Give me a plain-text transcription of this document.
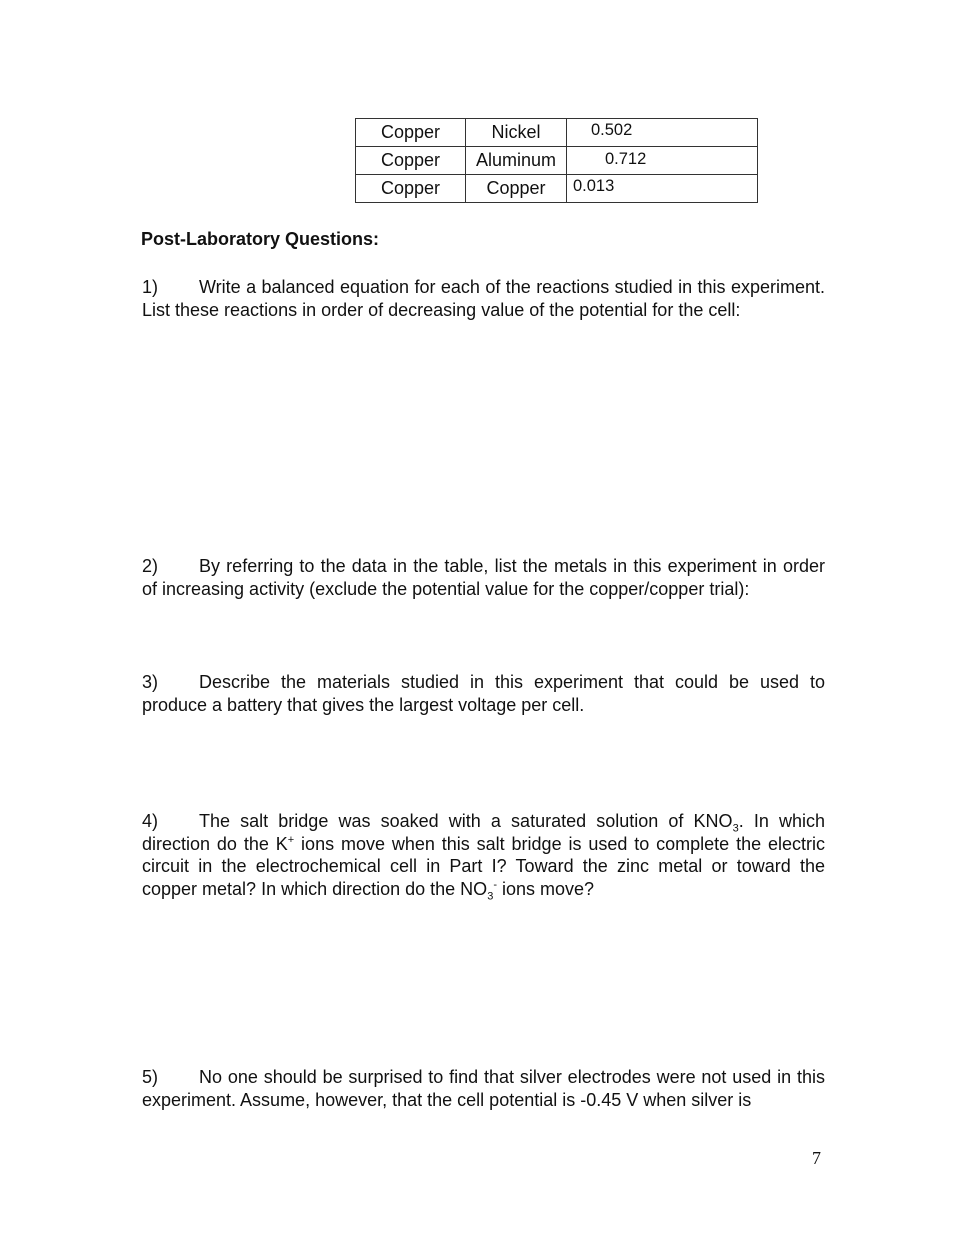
Copper	Nickel	0.502
Copper	Aluminum	0.712
Copper	Copper	0.013
Post-Laboratory Questions:

1) Write a balanced equation for each of the reactions studied in this experiment. List these reactions in order of decreasing value of the potential for the cell:

2) By referring to the data in the table, list the metals in this experiment in order of increasing activity (exclude the potential value for the copper/copper trial):

3) Describe the materials studied in this experiment that could be used to produce a battery that gives the largest voltage per cell.

4) The salt bridge was soaked with a saturated solution of $KNO_3$. In which direction do the K+ ions move when this salt bridge is used to complete the electric circuit in the electrochemical cell in Part I? Toward the zinc metal or toward the copper metal? In which direction do the $NO_3^-$ ions move?

5) No one should be surprised to find that silver electrodes were not used in this experiment. Assume, however, that the cell potential is -0.45 V when silver is

7
